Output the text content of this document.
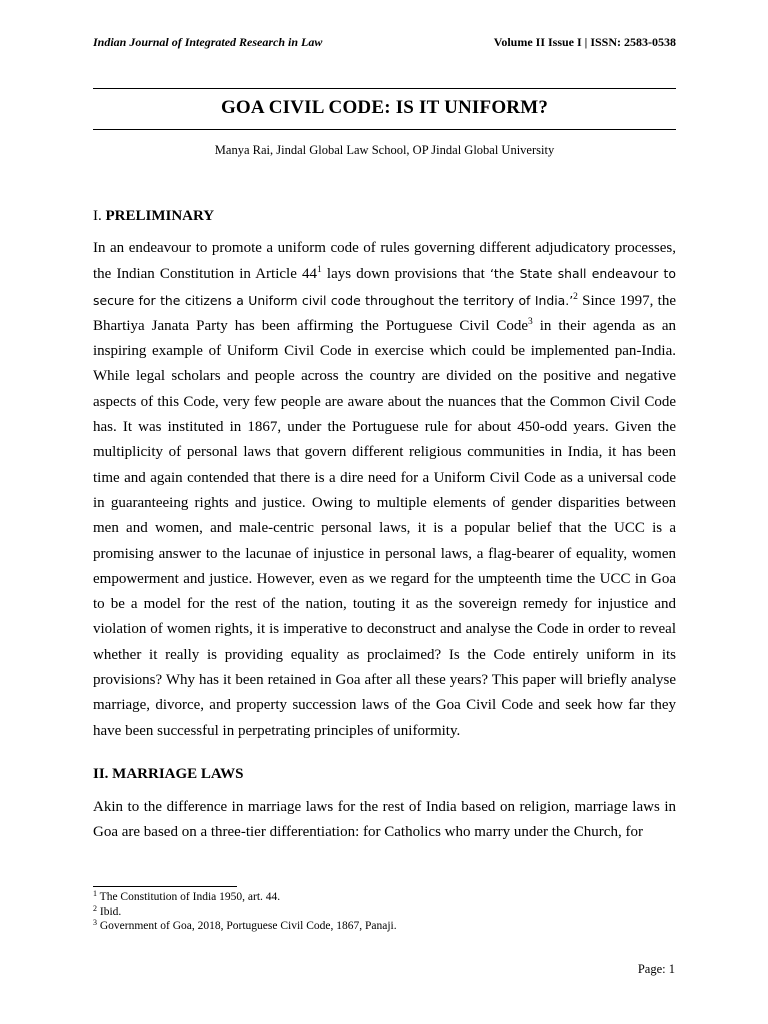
Indian Journal of Integrated Research in Law	Volume II Issue I | ISSN: 2583-0538
GOA CIVIL CODE: IS IT UNIFORM?
Manya Rai, Jindal Global Law School, OP Jindal Global University
I. PRELIMINARY
In an endeavour to promote a uniform code of rules governing different adjudicatory processes, the Indian Constitution in Article $44^1$ lays down provisions that ‘the State shall endeavour to secure for the citizens a Uniform civil code throughout the territory of India.’$^2$ Since 1997, the Bhartiya Janata Party has been affirming the Portuguese Civil Code$^3$ in their agenda as an inspiring example of Uniform Civil Code in exercise which could be implemented pan-India. While legal scholars and people across the country are divided on the positive and negative aspects of this Code, very few people are aware about the nuances that the Common Civil Code has. It was instituted in 1867, under the Portuguese rule for about 450-odd years. Given the multiplicity of personal laws that govern different religious communities in India, it has been time and again contended that there is a dire need for a Uniform Civil Code as a universal code in guaranteeing rights and justice. Owing to multiple elements of gender disparities between men and women, and male-centric personal laws, it is a popular belief that the UCC is a promising answer to the lacunae of injustice in personal laws, a flag-bearer of equality, women empowerment and justice. However, even as we regard for the umpteenth time the UCC in Goa to be a model for the rest of the nation, touting it as the sovereign remedy for injustice and violation of women rights, it is imperative to deconstruct and analyse the Code in order to reveal whether it really is providing equality as proclaimed? Is the Code entirely uniform in its provisions? Why has it been retained in Goa after all these years? This paper will briefly analyse marriage, divorce, and property succession laws of the Goa Civil Code and seek how far they have been successful in perpetrating principles of uniformity.
II. MARRIAGE LAWS
Akin to the difference in marriage laws for the rest of India based on religion, marriage laws in Goa are based on a three-tier differentiation: for Catholics who marry under the Church, for
$^1$ The Constitution of India 1950, art. 44.
$^2$ Ibid.
$^3$ Government of Goa, 2018, Portuguese Civil Code, 1867, Panaji.
Page: 1
